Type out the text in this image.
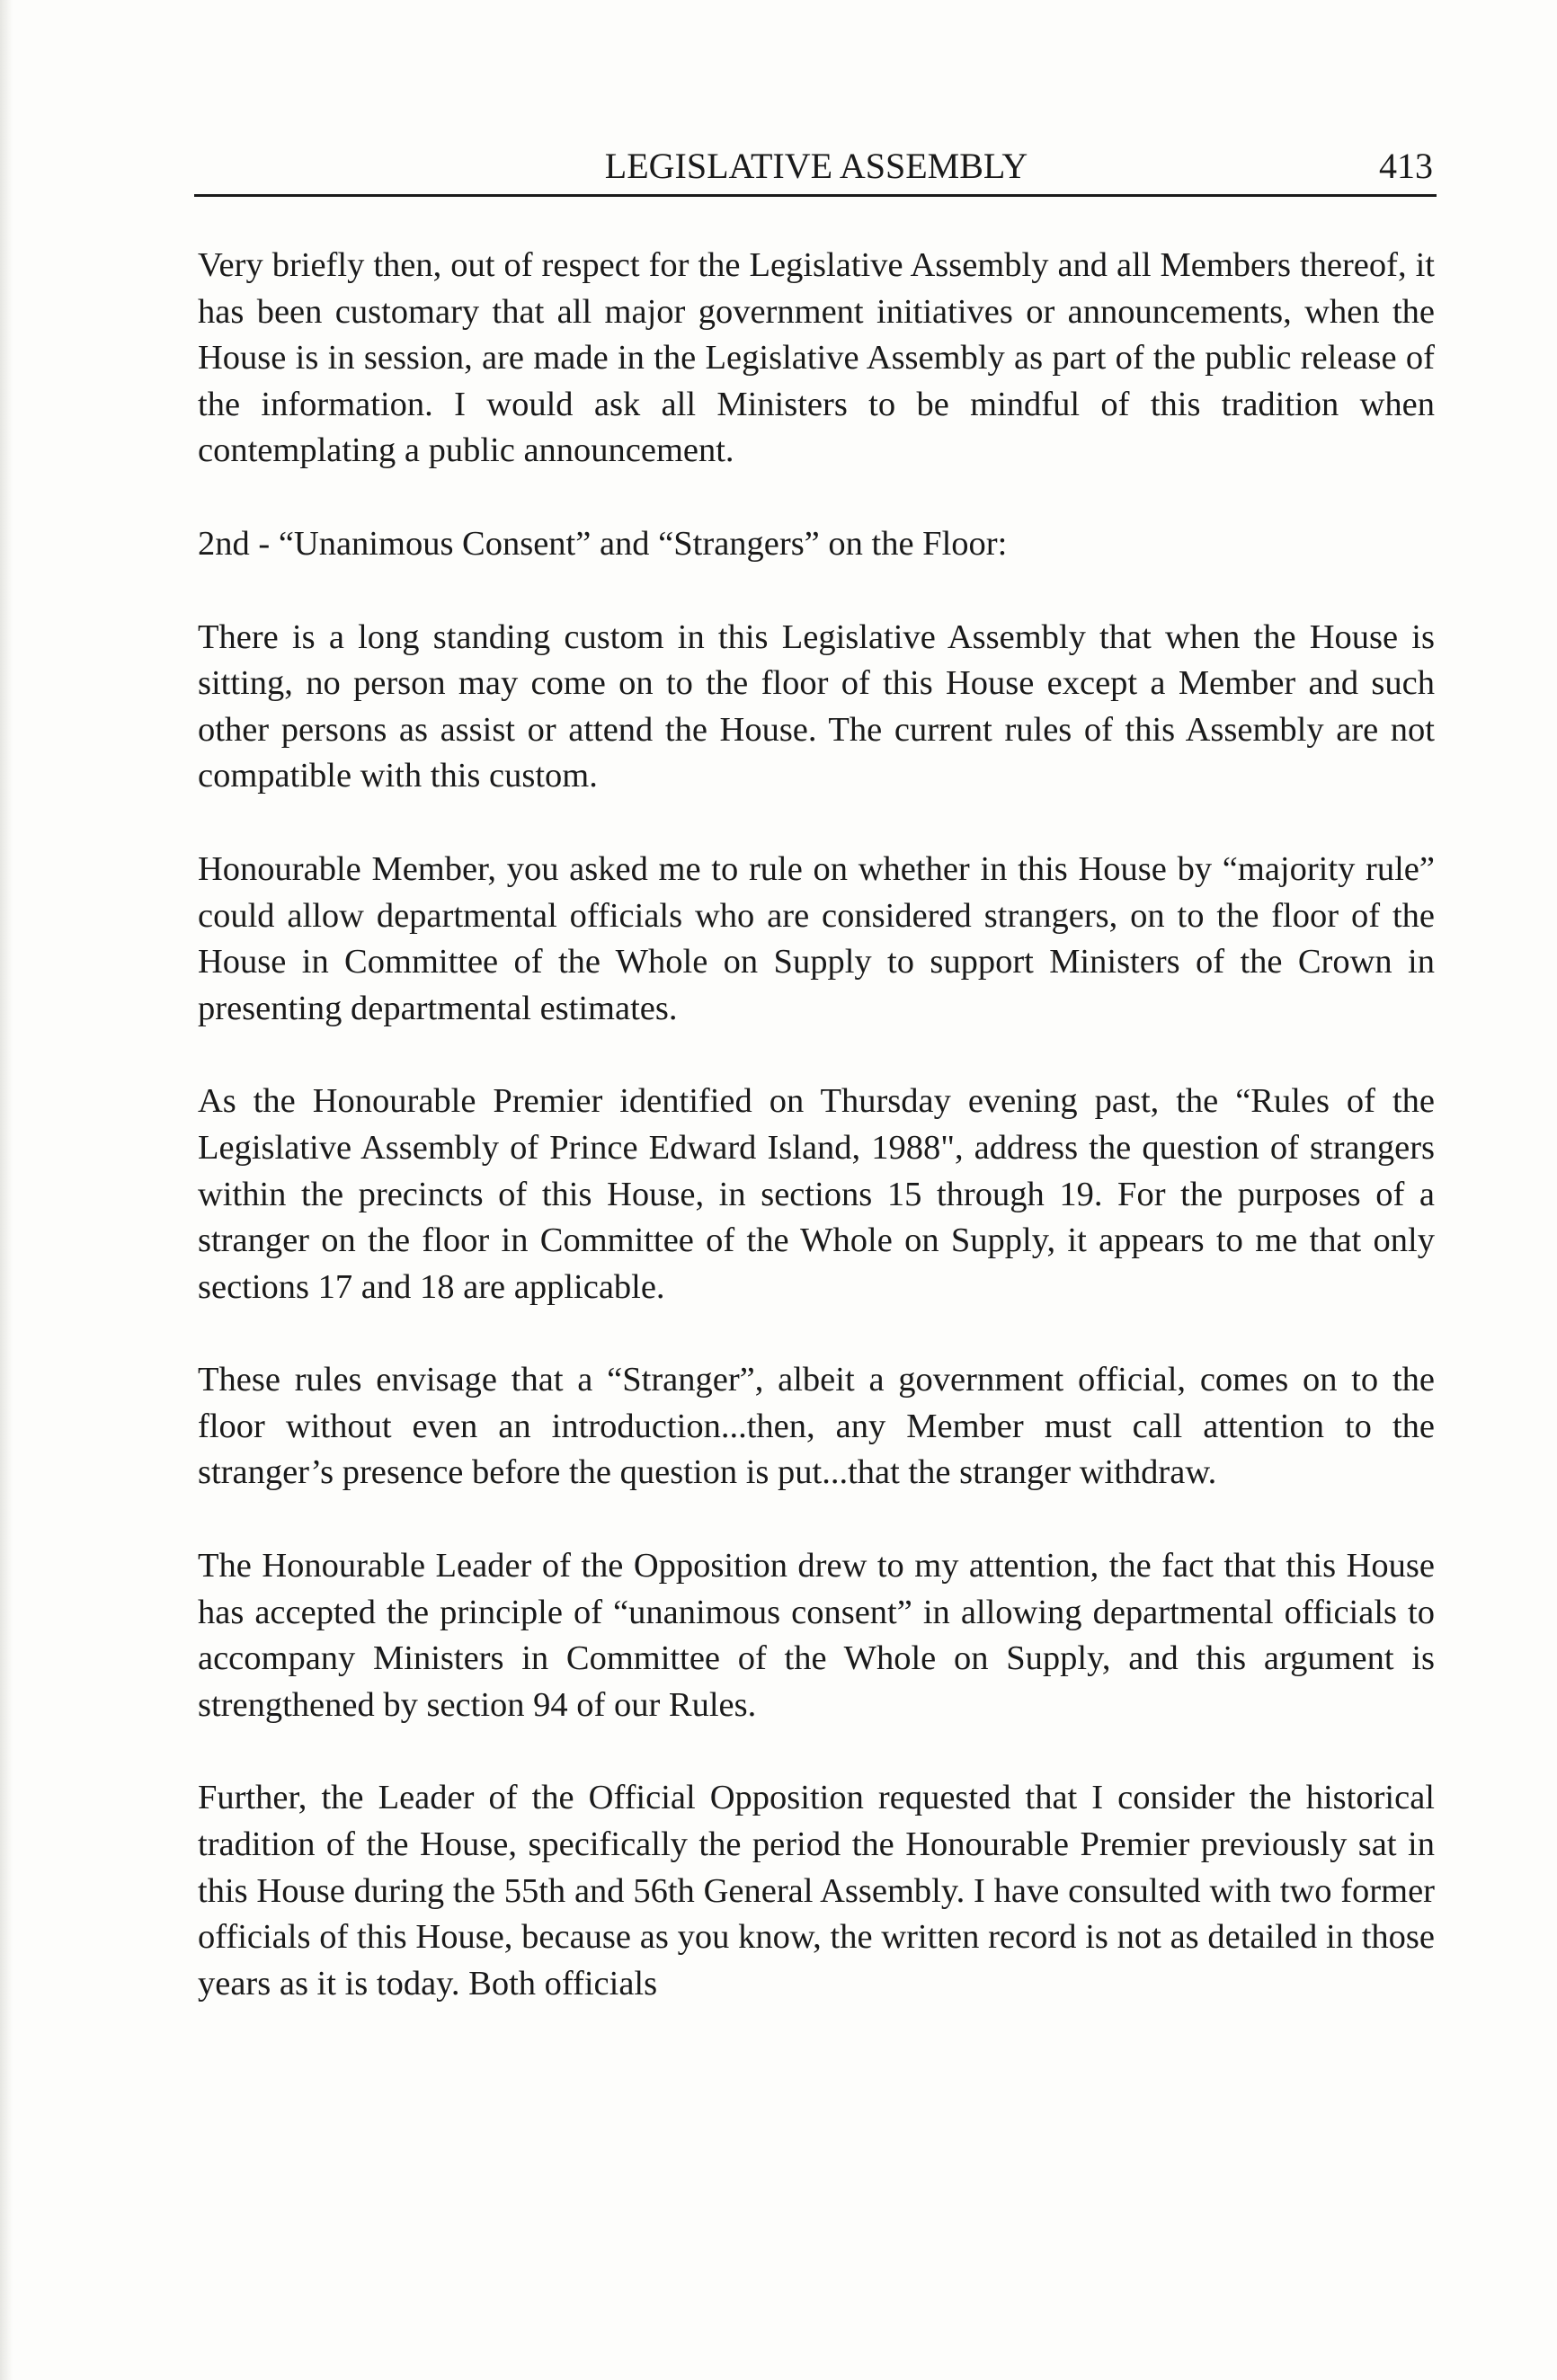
LEGISLATIVE ASSEMBLY	413

Very briefly then, out of respect for the Legislative Assembly and all Members thereof, it has been customary that all major government initiatives or announcements, when the House is in session, are made in the Legislative Assembly as part of the public release of the information. I would ask all Ministers to be mindful of this tradition when contemplating a public announcement.

2nd - “Unanimous Consent” and “Strangers” on the Floor:

There is a long standing custom in this Legislative Assembly that when the House is sitting, no person may come on to the floor of this House except a Member and such other persons as assist or attend the House. The current rules of this Assembly are not compatible with this custom.

Honourable Member, you asked me to rule on whether in this House by “majority rule” could allow departmental officials who are considered strangers, on to the floor of the House in Committee of the Whole on Supply to support Ministers of the Crown in presenting departmental estimates.

As the Honourable Premier identified on Thursday evening past, the “Rules of the Legislative Assembly of Prince Edward Island, 1988", address the question of strangers within the precincts of this House, in sections 15 through 19. For the purposes of a stranger on the floor in Committee of the Whole on Supply, it appears to me that only sections 17 and 18 are applicable.

These rules envisage that a “Stranger”, albeit a government official, comes on to the floor without even an introduction...then, any Member must call attention to the stranger’s presence before the question is put...that the stranger withdraw.

The Honourable Leader of the Opposition drew to my attention, the fact that this House has accepted the principle of “unanimous consent” in allowing departmental officials to accompany Ministers in Committee of the Whole on Supply, and this argument is strengthened by section 94 of our Rules.

Further, the Leader of the Official Opposition requested that I consider the historical tradition of the House, specifically the period the Honourable Premier previously sat in this House during the 55th and 56th General Assembly. I have consulted with two former officials of this House, because as you know, the written record is not as detailed in those years as it is today. Both officials
